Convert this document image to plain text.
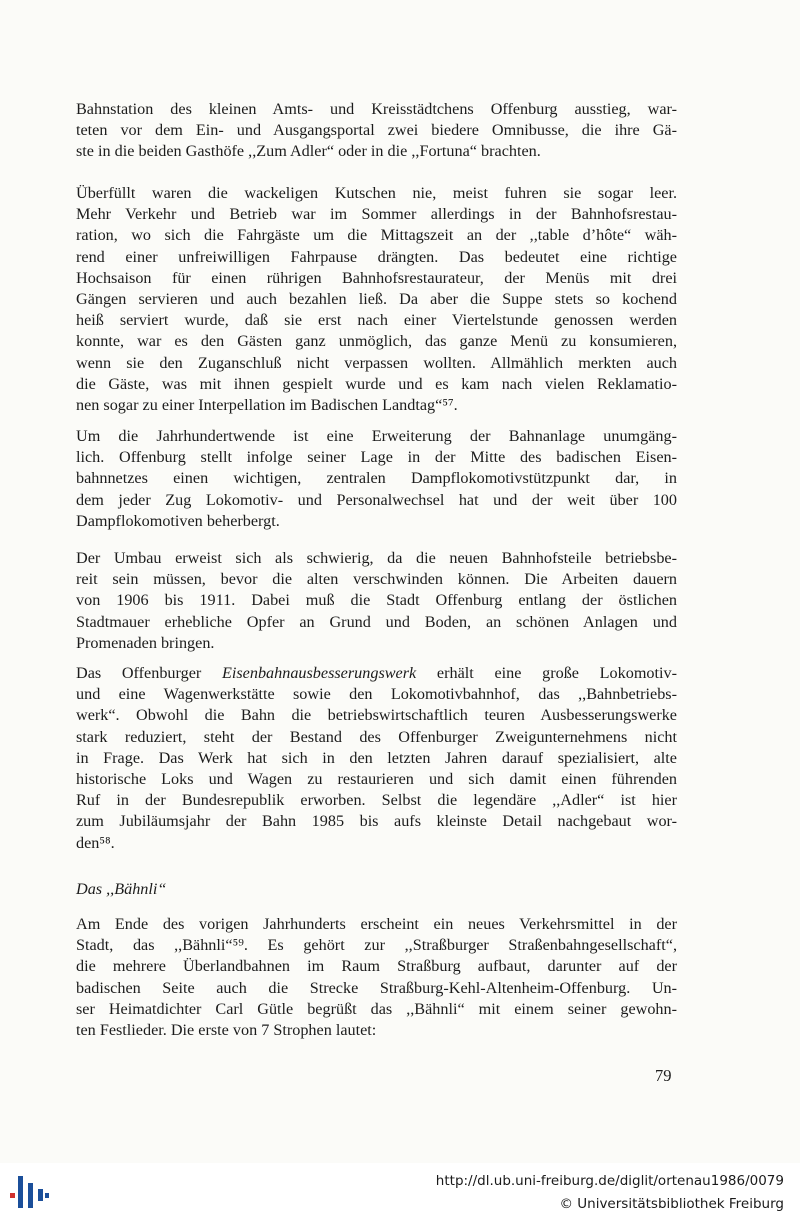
Bahnstation des kleinen Amts- und Kreisstädtchens Offenburg ausstieg, war-
teten vor dem Ein- und Ausgangsportal zwei biedere Omnibusse, die ihre Gä-
ste in die beiden Gasthöfe ,,Zum Adler“ oder in die ,,Fortuna“ brachten.
Überfüllt waren die wackeligen Kutschen nie, meist fuhren sie sogar leer.
Mehr Verkehr und Betrieb war im Sommer allerdings in der Bahnhofsrestau-
ration, wo sich die Fahrgäste um die Mittagszeit an der ,,table d’hôte“ wäh-
rend einer unfreiwilligen Fahrpause drängten. Das bedeutet eine richtige
Hochsaison für einen rührigen Bahnhofsrestaurateur, der Menüs mit drei
Gängen servieren und auch bezahlen ließ. Da aber die Suppe stets so kochend
heiß serviert wurde, daß sie erst nach einer Viertelstunde genossen werden
konnte, war es den Gästen ganz unmöglich, das ganze Menü zu konsumieren,
wenn sie den Zuganschluß nicht verpassen wollten. Allmählich merkten auch
die Gäste, was mit ihnen gespielt wurde und es kam nach vielen Reklamatio-
nen sogar zu einer Interpellation im Badischen Landtag“⁵⁷.
Um die Jahrhundertwende ist eine Erweiterung der Bahnanlage unumgäng-
lich. Offenburg stellt infolge seiner Lage in der Mitte des badischen Eisen-
bahnnetzes einen wichtigen, zentralen Dampflokomotivstützpunkt dar, in
dem jeder Zug Lokomotiv- und Personalwechsel hat und der weit über 100
Dampflokomotiven beherbergt.
Der Umbau erweist sich als schwierig, da die neuen Bahnhofsteile betriebsbe-
reit sein müssen, bevor die alten verschwinden können. Die Arbeiten dauern
von 1906 bis 1911. Dabei muß die Stadt Offenburg entlang der östlichen
Stadtmauer erhebliche Opfer an Grund und Boden, an schönen Anlagen und
Promenaden bringen.
Das Offenburger Eisenbahnausbesserungswerk erhält eine große Lokomotiv-
und eine Wagenwerkstätte sowie den Lokomotivbahnhof, das ,,Bahnbetriebs-
werk“. Obwohl die Bahn die betriebswirtschaftlich teuren Ausbesserungswerke
stark reduziert, steht der Bestand des Offenburger Zweigunternehmens nicht
in Frage. Das Werk hat sich in den letzten Jahren darauf spezialisiert, alte
historische Loks und Wagen zu restaurieren und sich damit einen führenden
Ruf in der Bundesrepublik erworben. Selbst die legendäre ,,Adler“ ist hier
zum Jubiläumsjahr der Bahn 1985 bis aufs kleinste Detail nachgebaut wor-
den⁵⁸.
Das ,,Bähnli“
Am Ende des vorigen Jahrhunderts erscheint ein neues Verkehrsmittel in der
Stadt, das ,,Bähnli“⁵⁹. Es gehört zur ,,Straßburger Straßenbahngesellschaft“,
die mehrere Überlandbahnen im Raum Straßburg aufbaut, darunter auf der
badischen Seite auch die Strecke Straßburg-Kehl-Altenheim-Offenburg. Un-
ser Heimatdichter Carl Gütle begrüßt das ,,Bähnli“ mit einem seiner gewohn-
ten Festlieder. Die erste von 7 Strophen lautet:
79
http://dl.ub.uni-freiburg.de/diglit/ortenau1986/0079
© Universitätsbibliothek Freiburg
